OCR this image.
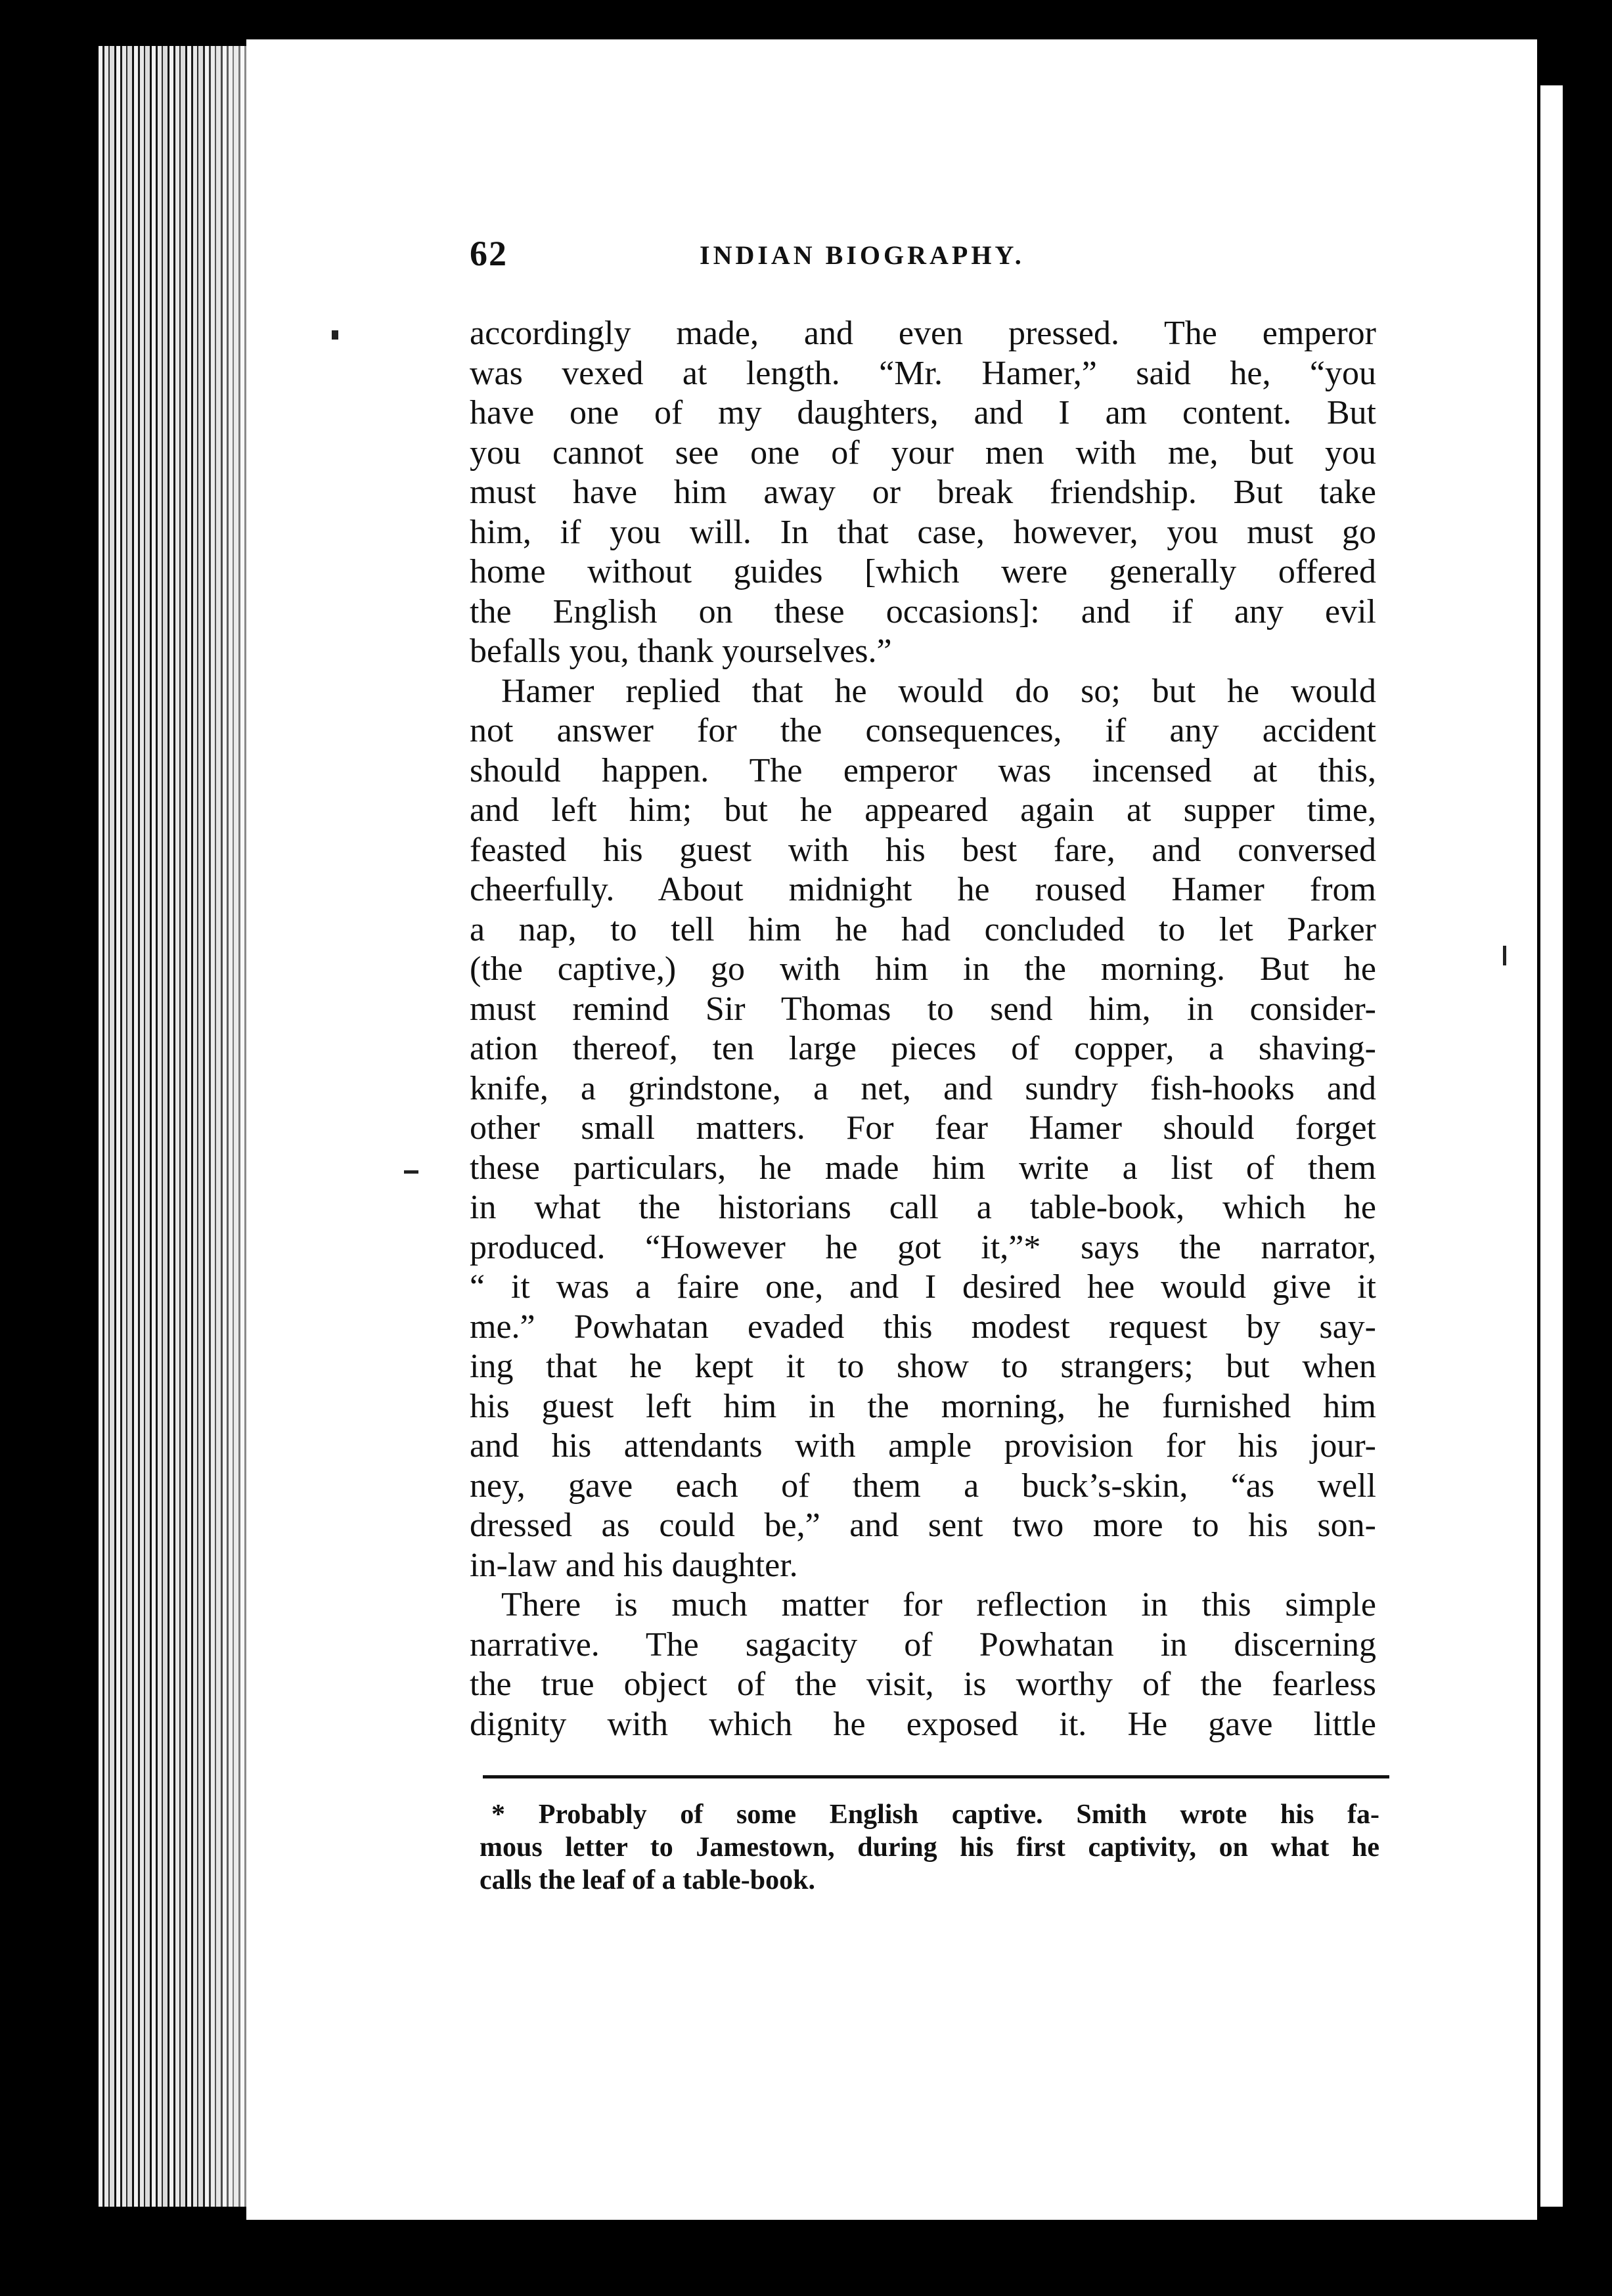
62	INDIAN BIOGRAPHY.
accordingly made, and even pressed. The emperor
was vexed at length. “Mr. Hamer,” said he, “you
have one of my daughters, and I am content. But
you cannot see one of your men with me, but you
must have him away or break friendship. But take
him, if you will. In that case, however, you must go
home without guides [which were generally offered
the English on these occasions]: and if any evil
befalls you, thank yourselves.”
Hamer replied that he would do so; but he would
not answer for the consequences, if any accident
should happen. The emperor was incensed at this,
and left him; but he appeared again at supper time,
feasted his guest with his best fare, and conversed
cheerfully. About midnight he roused Hamer from
a nap, to tell him he had concluded to let Parker
(the captive,) go with him in the morning. But he
must remind Sir Thomas to send him, in consider-
ation thereof, ten large pieces of copper, a shaving-
knife, a grindstone, a net, and sundry fish-hooks and
other small matters. For fear Hamer should forget
these particulars, he made him write a list of them
in what the historians call a table-book, which he
produced. “However he got it,”* says the narrator,
“ it was a faire one, and I desired hee would give it
me.” Powhatan evaded this modest request by say-
ing that he kept it to show to strangers; but when
his guest left him in the morning, he furnished him
and his attendants with ample provision for his jour-
ney, gave each of them a buck’s-skin, “as well
dressed as could be,” and sent two more to his son-
in-law and his daughter.
There is much matter for reflection in this simple
narrative. The sagacity of Powhatan in discerning
the true object of the visit, is worthy of the fearless
dignity with which he exposed it. He gave little
* Probably of some English captive. Smith wrote his fa-
mous letter to Jamestown, during his first captivity, on what he
calls the leaf of a table-book.
